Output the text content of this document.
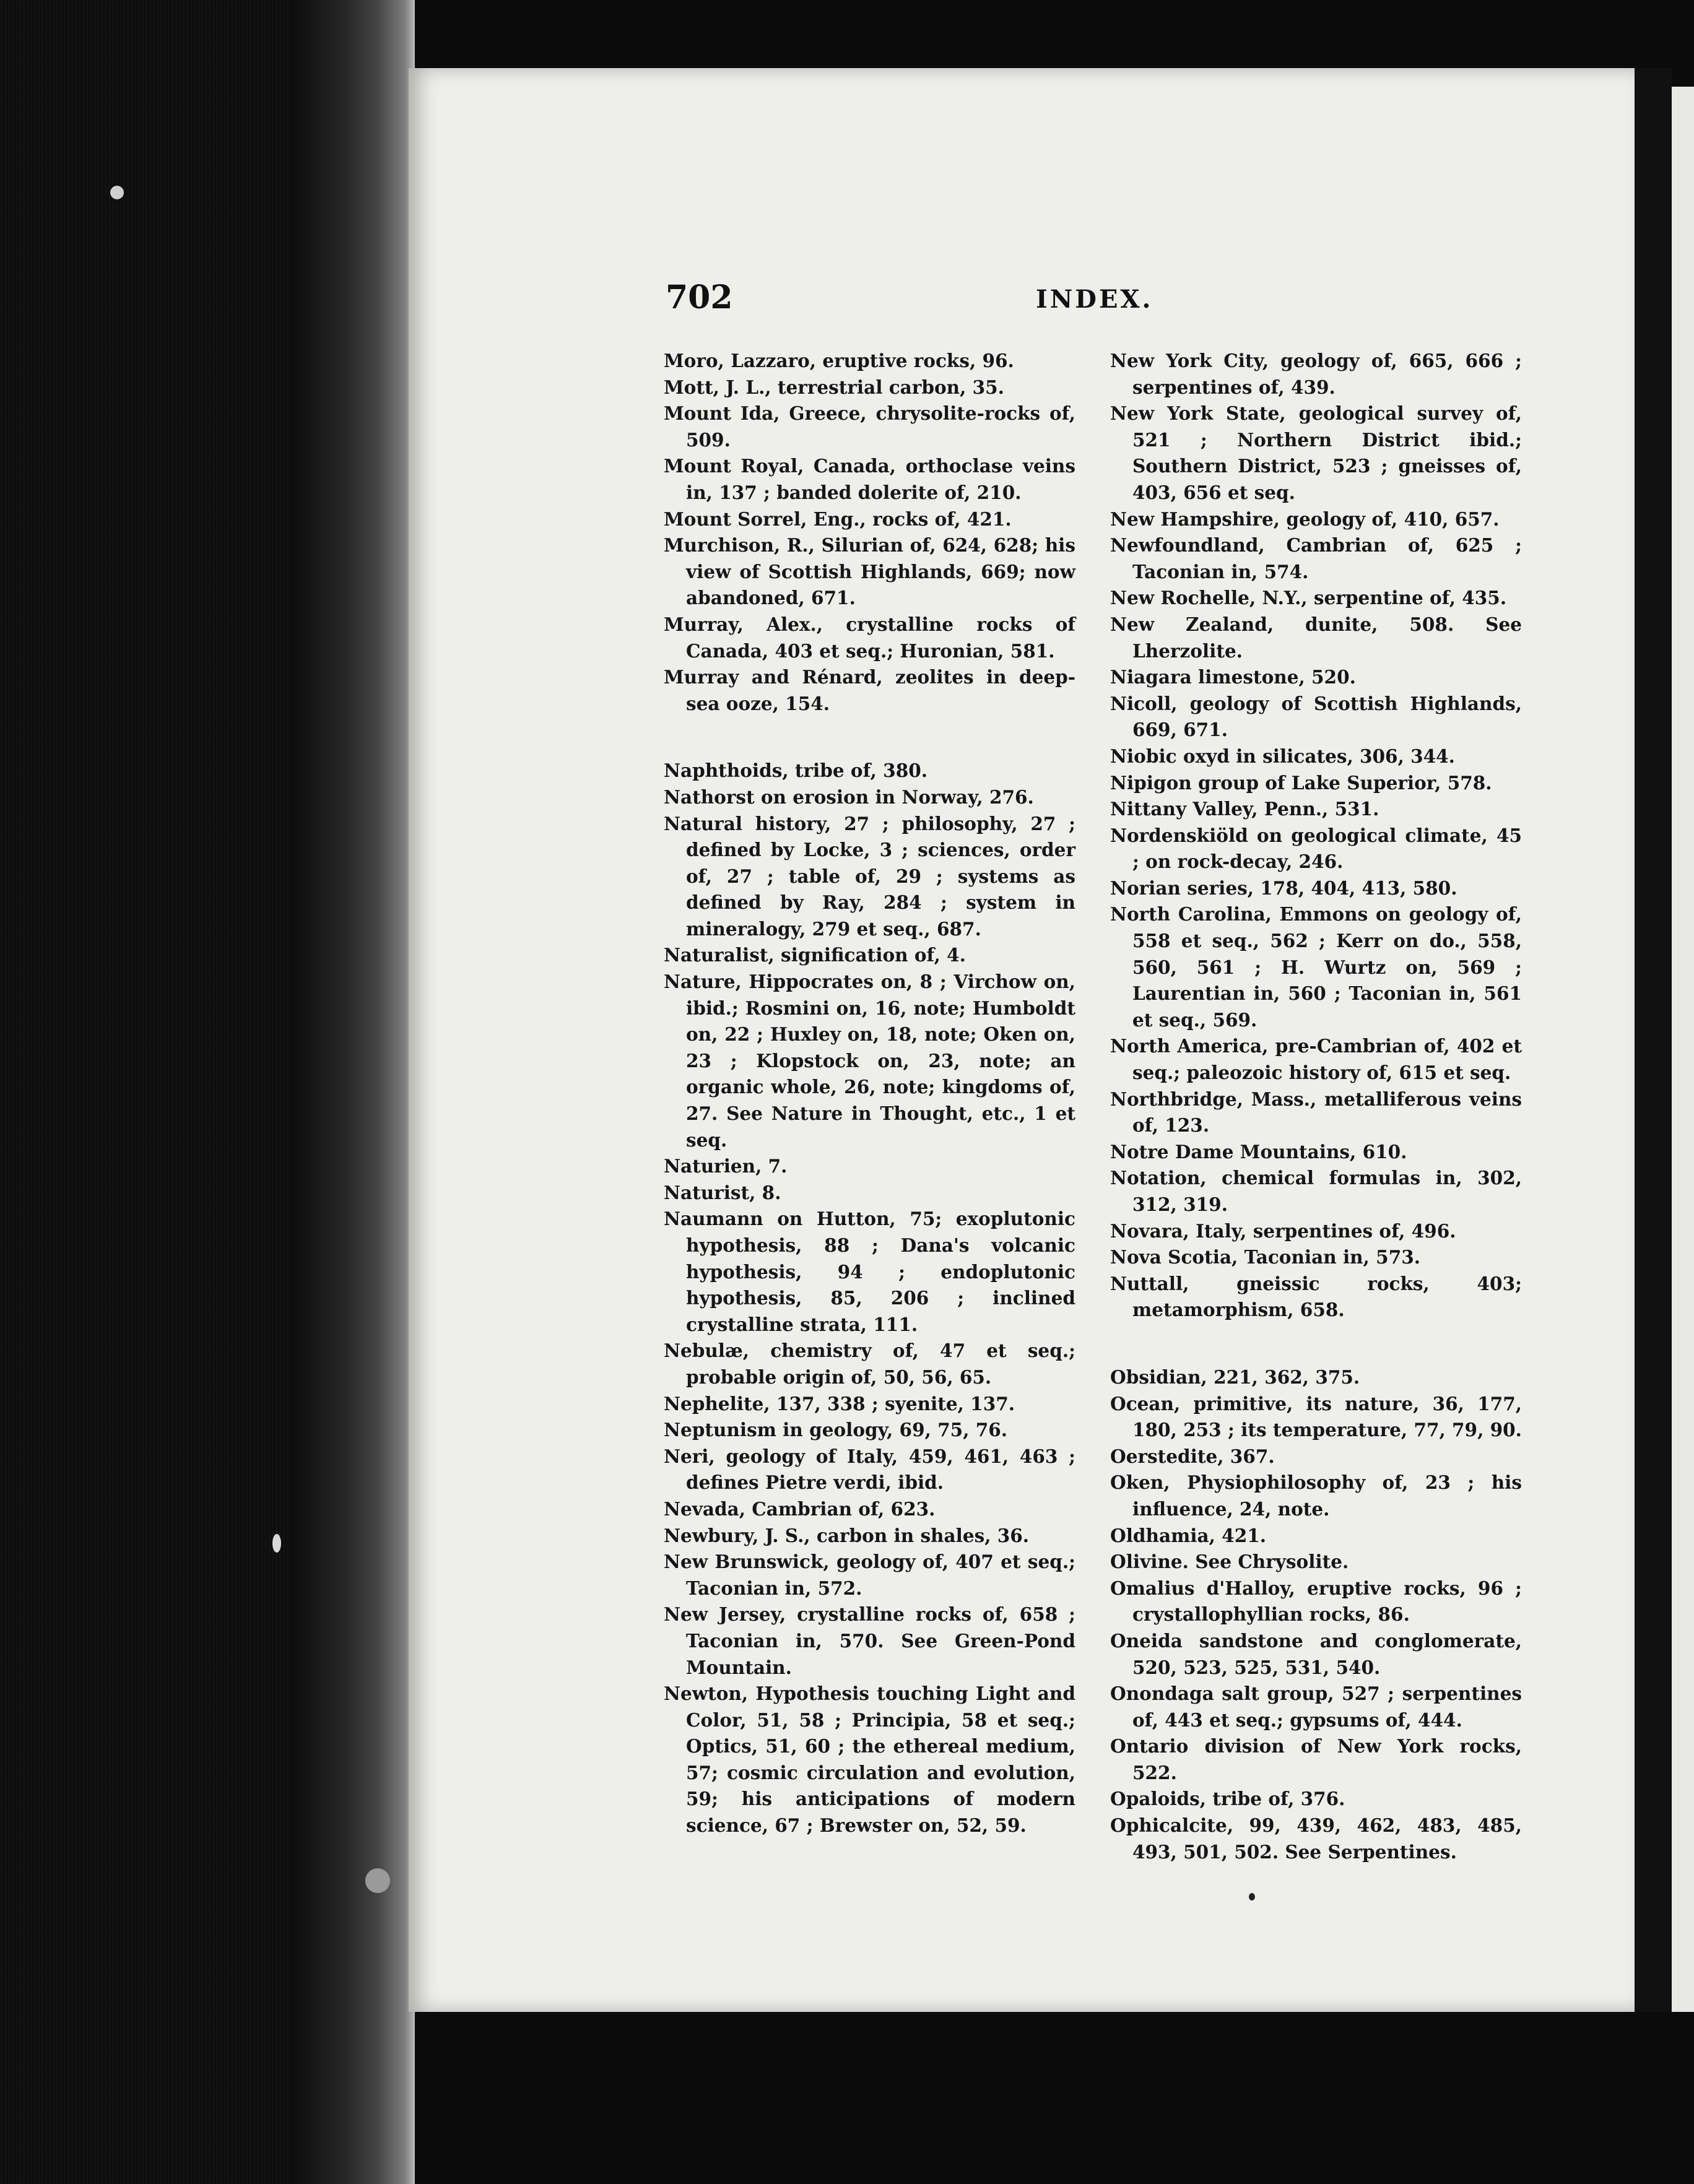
702	INDEX.

Moro, Lazzaro, eruptive rocks, 96.

Mott, J. L., terrestrial carbon, 35.

Mount Ida, Greece, chrysolite-rocks of, 509.

Mount Royal, Canada, orthoclase veins in, 137 ; banded dolerite of, 210.

Mount Sorrel, Eng., rocks of, 421.

Murchison, R., Silurian of, 624, 628; his view of Scottish Highlands, 669; now abandoned, 671.

Murray, Alex., crystalline rocks of Canada, 403 et seq.; Huronian, 581.

Murray and Rénard, zeolites in deep-sea ooze, 154.

Naphthoids, tribe of, 380.

Nathorst on erosion in Norway, 276.

Natural history, 27 ; philosophy, 27 ; defined by Locke, 3 ; sciences, order of, 27 ; table of, 29 ; systems as defined by Ray, 284 ; system in mineralogy, 279 et seq., 687.

Naturalist, signification of, 4.

Nature, Hippocrates on, 8 ; Virchow on, ibid.; Rosmini on, 16, note; Humboldt on, 22 ; Huxley on, 18, note; Oken on, 23 ; Klopstock on, 23, note; an organic whole, 26, note; kingdoms of, 27. See Nature in Thought, etc., 1 et seq.

Naturien, 7.

Naturist, 8.

Naumann on Hutton, 75; exoplutonic hypothesis, 88 ; Dana's volcanic hypothesis, 94 ; endoplutonic hypothesis, 85, 206 ; inclined crystalline strata, 111.

Nebulæ, chemistry of, 47 et seq.; probable origin of, 50, 56, 65.

Nephelite, 137, 338 ; syenite, 137.

Neptunism in geology, 69, 75, 76.

Neri, geology of Italy, 459, 461, 463 ; defines Pietre verdi, ibid.

Nevada, Cambrian of, 623.

Newbury, J. S., carbon in shales, 36.

New Brunswick, geology of, 407 et seq.; Taconian in, 572.

New Jersey, crystalline rocks of, 658 ; Taconian in, 570. See Green-Pond Mountain.

Newton, Hypothesis touching Light and Color, 51, 58 ; Principia, 58 et seq.; Optics, 51, 60 ; the ethereal medium, 57; cosmic circulation and evolution, 59; his anticipations of modern science, 67 ; Brewster on, 52, 59.

New York City, geology of, 665, 666 ; serpentines of, 439.

New York State, geological survey of, 521 ; Northern District ibid.; Southern District, 523 ; gneisses of, 403, 656 et seq.

New Hampshire, geology of, 410, 657.

Newfoundland, Cambrian of, 625 ; Taconian in, 574.

New Rochelle, N.Y., serpentine of, 435.

New Zealand, dunite, 508. See Lherzolite.

Niagara limestone, 520.

Nicoll, geology of Scottish Highlands, 669, 671.

Niobic oxyd in silicates, 306, 344.

Nipigon group of Lake Superior, 578.

Nittany Valley, Penn., 531.

Nordenskiöld on geological climate, 45 ; on rock-decay, 246.

Norian series, 178, 404, 413, 580.

North Carolina, Emmons on geology of, 558 et seq., 562 ; Kerr on do., 558, 560, 561 ; H. Wurtz on, 569 ; Laurentian in, 560 ; Taconian in, 561 et seq., 569.

North America, pre-Cambrian of, 402 et seq.; paleozoic history of, 615 et seq.

Northbridge, Mass., metalliferous veins of, 123.

Notre Dame Mountains, 610.

Notation, chemical formulas in, 302, 312, 319.

Novara, Italy, serpentines of, 496.

Nova Scotia, Taconian in, 573.

Nuttall, gneissic rocks, 403; metamorphism, 658.

Obsidian, 221, 362, 375.

Ocean, primitive, its nature, 36, 177, 180, 253 ; its temperature, 77, 79, 90.

Oerstedite, 367.

Oken, Physiophilosophy of, 23 ; his influence, 24, note.

Oldhamia, 421.

Olivine. See Chrysolite.

Omalius d'Halloy, eruptive rocks, 96 ; crystallophyllian rocks, 86.

Oneida sandstone and conglomerate, 520, 523, 525, 531, 540.

Onondaga salt group, 527 ; serpentines of, 443 et seq.; gypsums of, 444.

Ontario division of New York rocks, 522.

Opaloids, tribe of, 376.

Ophicalcite, 99, 439, 462, 483, 485, 493, 501, 502. See Serpentines.
